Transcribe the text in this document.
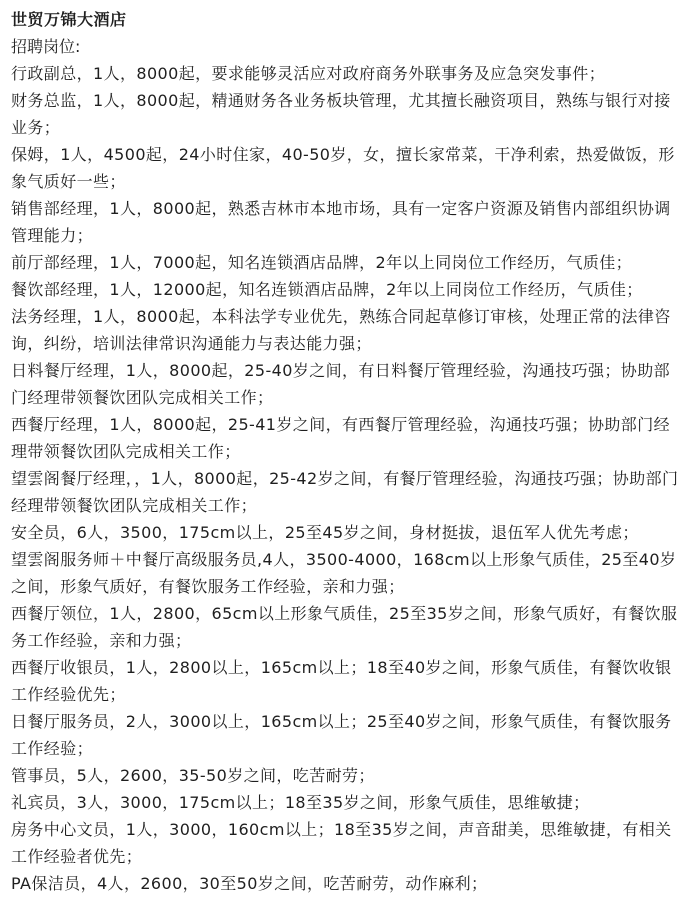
世贸万锦大酒店

招聘岗位:

行政副总，1人，8000起，要求能够灵活应对政府商务外联事务及应急突发事件；
财务总监，1人，8000起，精通财务各业务板块管理，尤其擅长融资项目，熟练与银行对接业务；
保姆，1人，4500起，24小时住家，40-50岁，女，擅长家常菜，干净利索，热爱做饭，形象气质好一些；
销售部经理，1人，8000起，熟悉吉林市本地市场，具有一定客户资源及销售内部组织协调管理能力；
前厅部经理，1人，7000起，知名连锁酒店品牌，2年以上同岗位工作经历，气质佳；
餐饮部经理，1人，12000起，知名连锁酒店品牌，2年以上同岗位工作经历，气质佳；
法务经理，1人，8000起，本科法学专业优先，熟练合同起草修订审核，处理正常的法律咨询，纠纷，培训法律常识沟通能力与表达能力强；
日料餐厅经理，1人，8000起，25-40岁之间，有日料餐厅管理经验，沟通技巧强；协助部门经理带领餐饮团队完成相关工作；
西餐厅经理，1人，8000起，25-41岁之间，有西餐厅管理经验，沟通技巧强；协助部门经理带领餐饮团队完成相关工作；
望雲阁餐厅经理，，1人，8000起，25-42岁之间，有餐厅管理经验，沟通技巧强；协助部门经理带领餐饮团队完成相关工作；
安全员，6人，3500，175cm以上，25至45岁之间，身材挺拔，退伍军人优先考虑；
望雲阁服务师＋中餐厅高级服务员,4人，3500-4000，168cm以上形象气质佳，25至40岁之间，形象气质好，有餐饮服务工作经验，亲和力强；
西餐厅领位，1人，2800，65cm以上形象气质佳，25至35岁之间，形象气质好，有餐饮服务工作经验，亲和力强；
西餐厅收银员，1人，2800以上，165cm以上；18至40岁之间，形象气质佳，有餐饮收银工作经验优先；
日餐厅服务员，2人，3000以上，165cm以上；25至40岁之间，形象气质佳，有餐饮服务工作经验；
管事员，5人，2600，35-50岁之间，吃苦耐劳；
礼宾员，3人，3000，175cm以上；18至35岁之间，形象气质佳，思维敏捷；
房务中心文员，1人，3000，160cm以上；18至35岁之间，声音甜美，思维敏捷，有相关工作经验者优先；
PA保洁员，4人，2600，30至50岁之间，吃苦耐劳，动作麻利；
